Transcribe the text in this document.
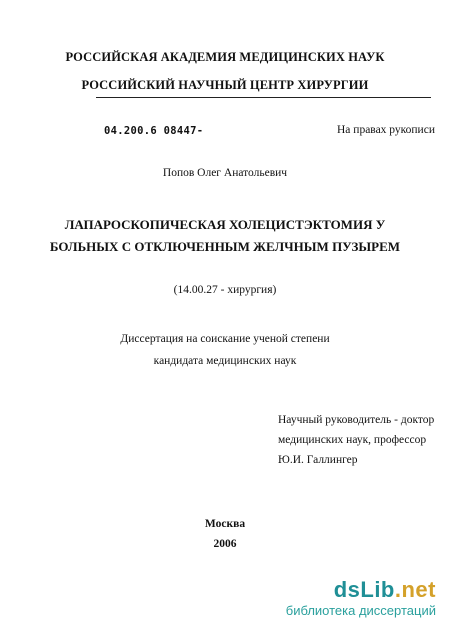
РОССИЙСКАЯ АКАДЕМИЯ МЕДИЦИНСКИХ НАУК
РОССИЙСКИЙ НАУЧНЫЙ ЦЕНТР ХИРУРГИИ
04.200.6 08447-	На правах рукописи
Попов Олег Анатольевич
ЛАПАРОСКОПИЧЕСКАЯ ХОЛЕЦИСТЭКТОМИЯ У
БОЛЬНЫХ С ОТКЛЮЧЕННЫМ ЖЕЛЧНЫМ ПУЗЫРЕМ
(14.00.27 - хирургия)
Диссертация на соискание ученой степени
кандидата медицинских наук
Научный руководитель - доктор
медицинских наук, профессор
Ю.И. Галлингер
Москва
2006
dsLib.net
библиотека диссертаций
